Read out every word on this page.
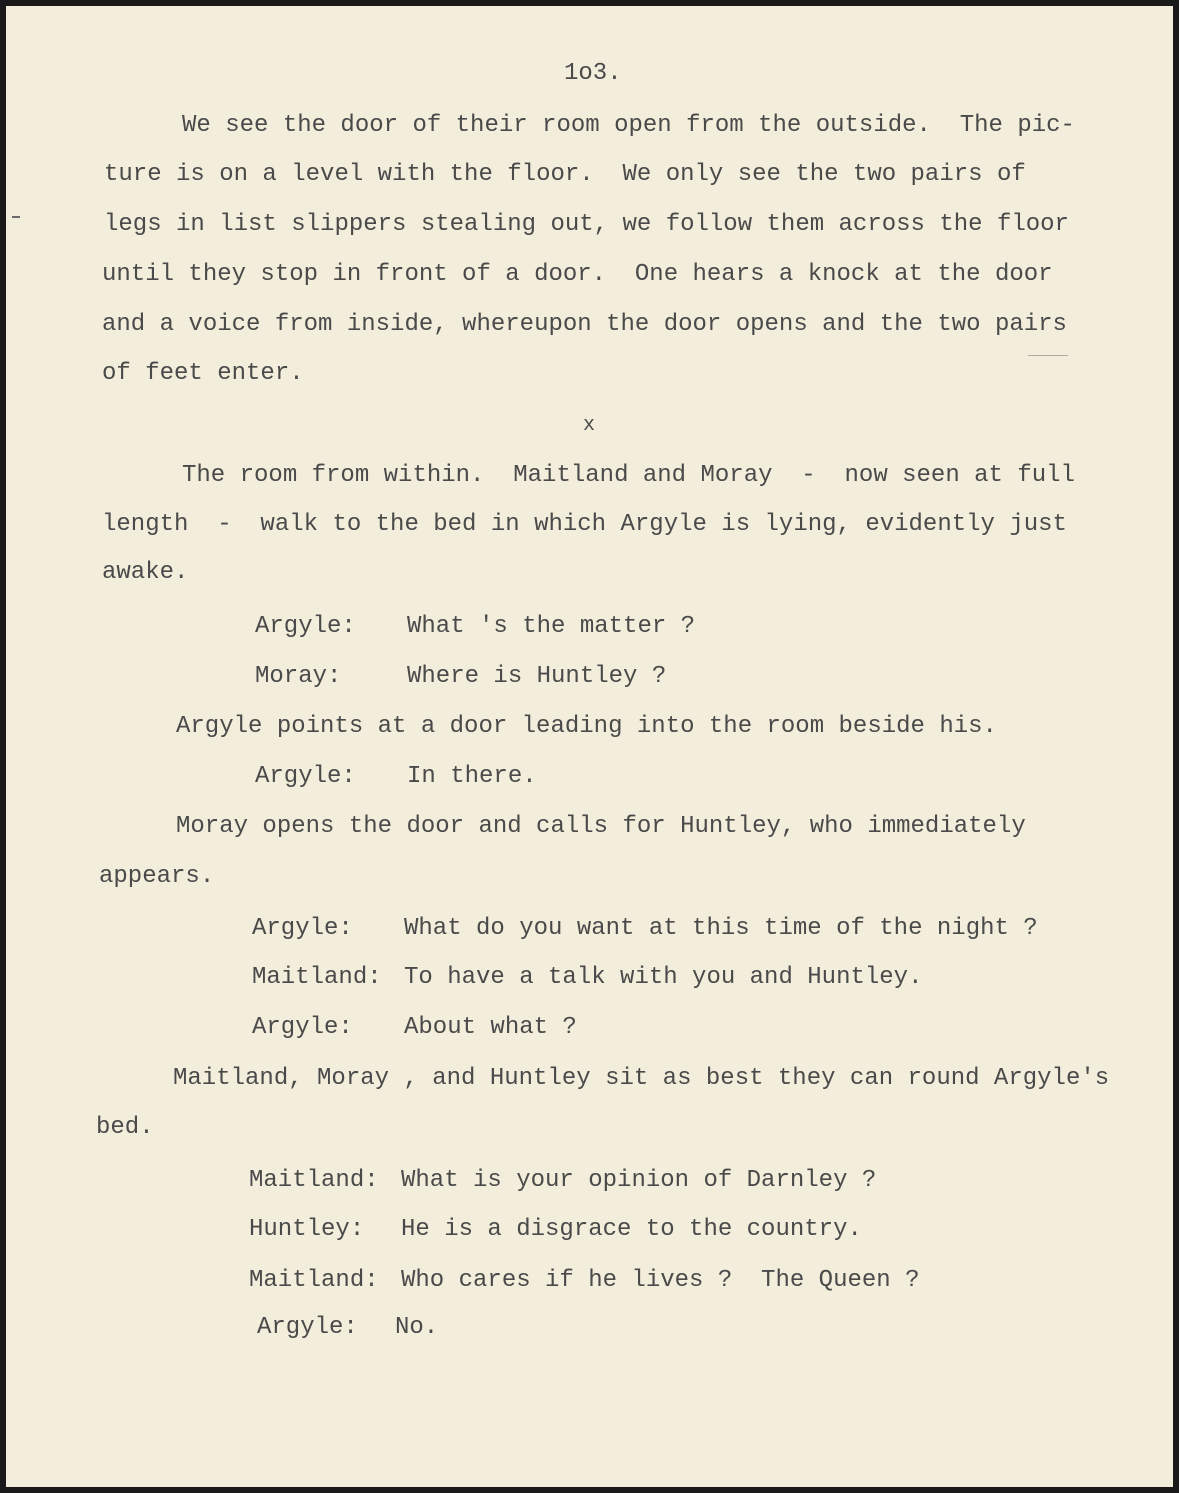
1o3.
We see the door of their room open from the outside.  The pic-
ture is on a level with the floor.  We only see the two pairs of
legs in list slippers stealing out, we follow them across the floor
until they stop in front of a door.  One hears a knock at the door
and a voice from inside, whereupon the door opens and the two pairs
of feet enter.
x
The room from within.  Maitland and Moray  -  now seen at full
length  -  walk to the bed in which Argyle is lying, evidently just
awake.
Argyle: What 's the matter ?
Moray:	Where is Huntley ?
Argyle points at a door leading into the room beside his.
Argyle: In there.
Moray opens the door and calls for Huntley, who immediately
appears.
Argyle: What do you want at this time of the night ?
Maitland: To have a talk with you and Huntley.
Argyle: About what ?
Maitland, Moray , and Huntley sit as best they can round Argyle's
bed.
Maitland: What is your opinion of Darnley ?
Huntley: He is a disgrace to the country.
Maitland: Who cares if he lives ?  The Queen ?
Argyle: No.
